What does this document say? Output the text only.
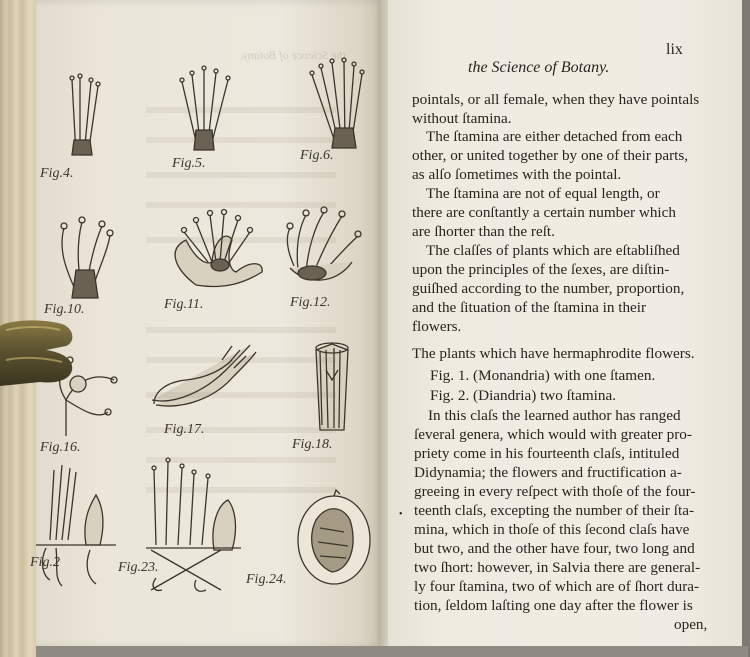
the Science of Botany.
Fig.4.
Fig.5.
Fig.6.
Fig.10.	Fig.11.	Fig.12.
Fig.16.
Fig.17.
Fig.18.
Fig.2	Fig.23.
Fig.24.
the Science of Botany.
lix
pointals, or all female, when they have pointals
without ſtamina.
The ſtamina are either detached from each
other, or united together by one of their parts,
as alſo ſometimes with the pointal.
The ſtamina are not of equal length, or
there are conſtantly a certain number which
are ſhorter than the reſt.
The claſſes of plants which are eſtabliſhed
upon the principles of the ſexes, are diſtin-
guiſhed according to the number, proportion,
and the ſituation of the ſtamina in their
flowers.
The plants which have hermaphrodite flowers.
Fig. 1. (Monandria) with one ſtamen.
Fig. 2. (Diandria) two ſtamina.
In this claſs the learned author has ranged
ſeveral genera, which would with greater pro-
priety come in his fourteenth claſs, intituled
Didynamia; the flowers and fructification a-
greeing in every reſpect with thoſe of the four-
teenth claſs, excepting the number of their ſta-
mina, which in thoſe of this ſecond claſs have
but two, and the other have four, two long and
two ſhort: however, in Salvia there are general-
ly four ſtamina, two of which are of ſhort dura-
tion, ſeldom laſting one day after the flower is
open,
•
